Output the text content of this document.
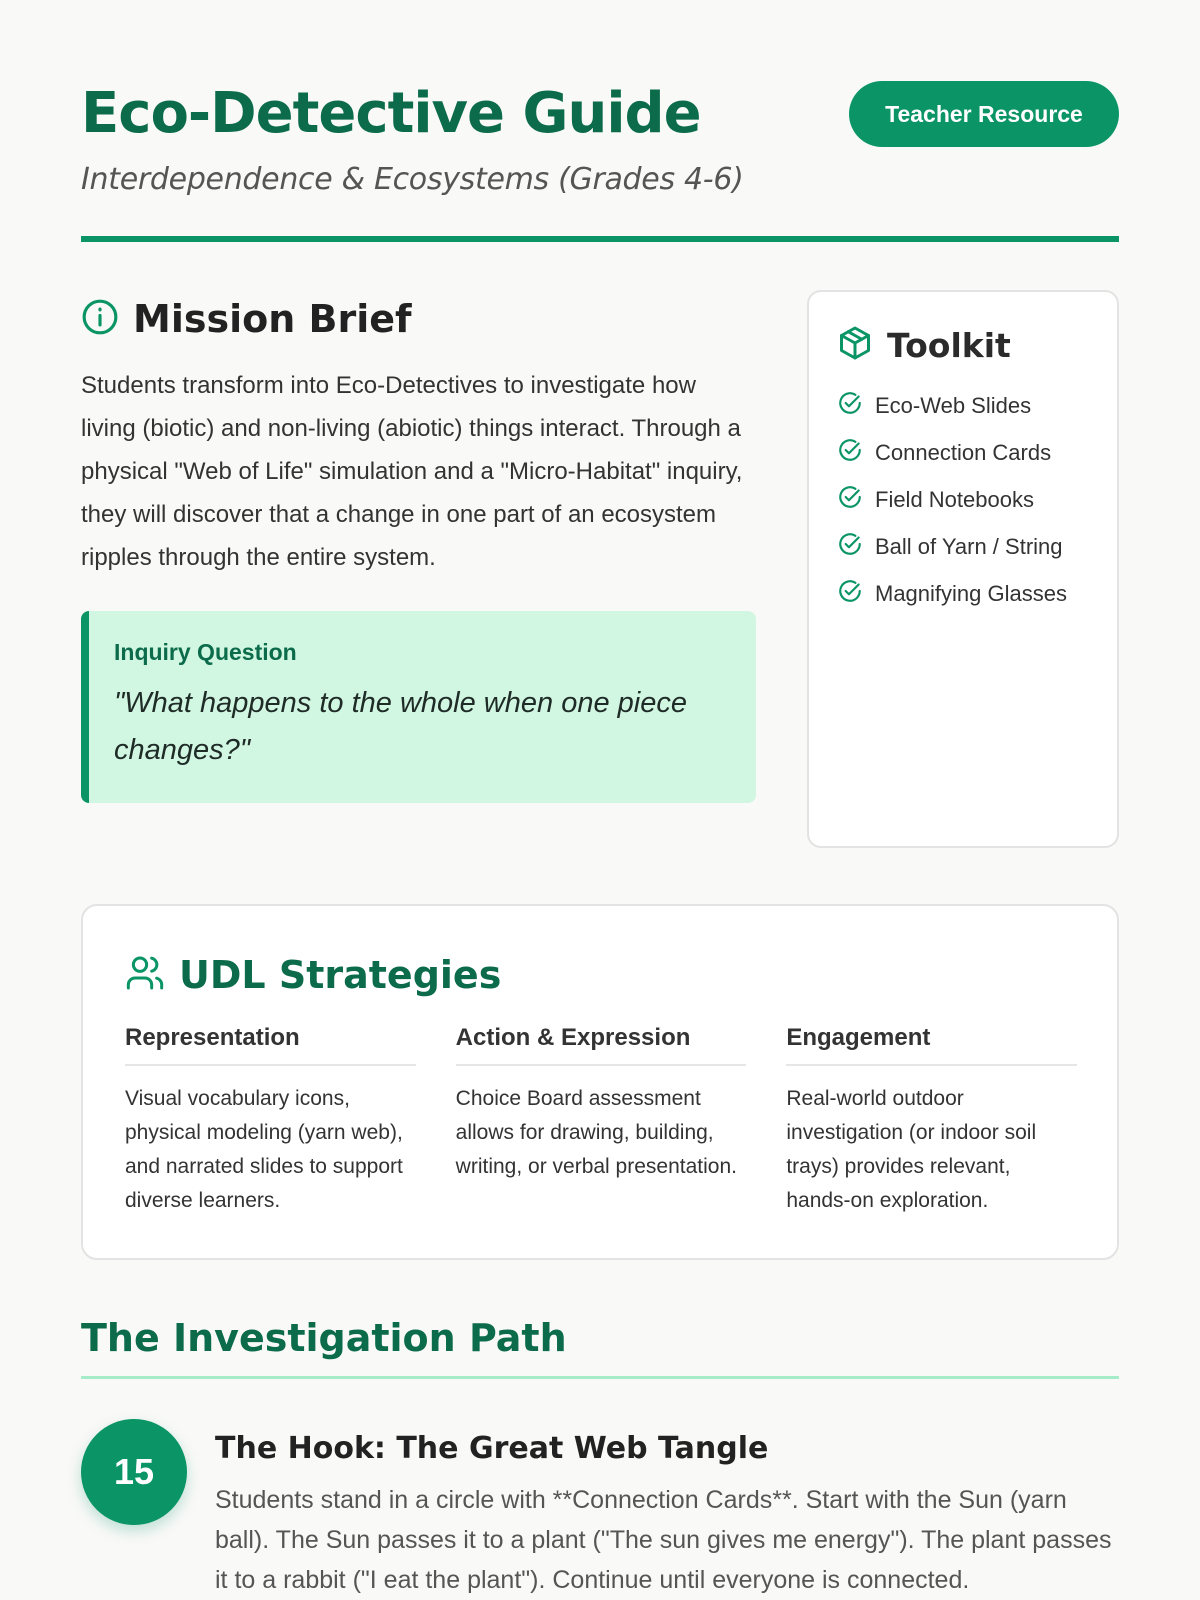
Eco-Detective Guide
Interdependence & Ecosystems (Grades 4-6)
Teacher Resource
Mission Brief

Students transform into Eco-Detectives to investigate how living (biotic) and non-living (abiotic) things interact. Through a physical "Web of Life" simulation and a "Micro-Habitat" inquiry, they will discover that a change in one part of an ecosystem ripples through the entire system.

Inquiry Question
"What happens to the whole when one piece changes?"
Toolkit
Eco-Web Slides
Connection Cards
Field Notebooks
Ball of Yarn / String
Magnifying Glasses
UDL Strategies
Representation

Visual vocabulary icons, physical modeling (yarn web), and narrated slides to support diverse learners.

Action & Expression

Choice Board assessment allows for drawing, building, writing, or verbal presentation.

Engagement

Real-world outdoor investigation (or indoor soil trays) provides relevant, hands-on exploration.

The Investigation Path
15
The Hook: The Great Web Tangle

Students stand in a circle with **Connection Cards**. Start with the Sun (yarn ball). The Sun passes it to a plant ("The sun gives me energy"). The plant passes it to a rabbit ("I eat the plant"). Continue until everyone is connected.
